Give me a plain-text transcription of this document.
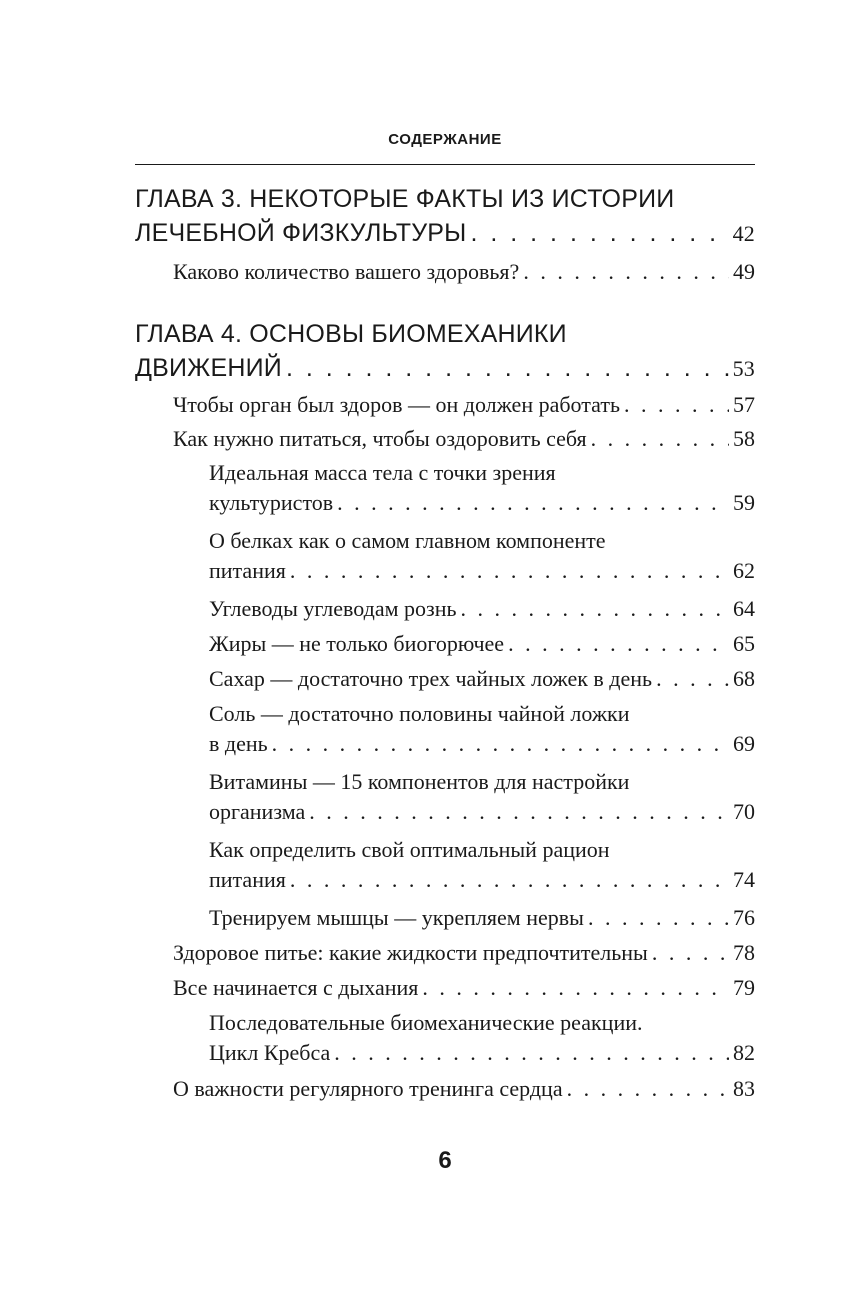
СОДЕРЖАНИЕ
ГЛАВА 3. НЕКОТОРЫЕ ФАКТЫ ИЗ ИСТОРИИ
ЛЕЧЕБНОЙ ФИЗКУЛЬТУРЫ . . .	42
Каково количество вашего здоровья? . . .	49
ГЛАВА 4. ОСНОВЫ БИОМЕХАНИКИ
ДВИЖЕНИЙ . . .	53
Чтобы орган был здоров — он должен работать . . .	57
Как нужно питаться, чтобы оздоровить себя . . .	58
Идеальная масса тела с точки зрения
культуристов . . .	59
О белках как о самом главном компоненте
питания . . .	62
Углеводы углеводам рознь . . .	64
Жиры — не только биогорючее . . .	65
Сахар — достаточно трех чайных ложек в день . . .	68
Соль — достаточно половины чайной ложки
в день . . .	69
Витамины — 15 компонентов для настройки
организма . . .	70
Как определить свой оптимальный рацион
питания . . .	74
Тренируем мышцы — укрепляем нервы . . .	76
Здоровое питье: какие жидкости предпочтительны . . .	78
Все начинается с дыхания . . .	79
Последовательные биомеханические реакции.
Цикл Кребса . . .	82
О важности регулярного тренинга сердца . . .	83
6
